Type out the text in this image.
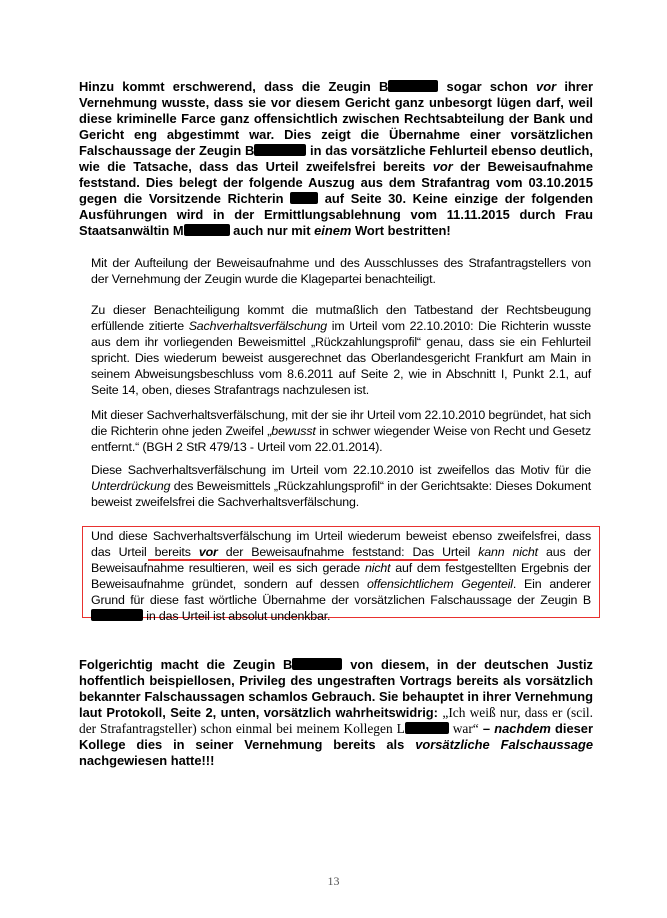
Hinzu kommt erschwerend, dass die Zeugin B	sogar schon vor ihrer Vernehmung wusste, dass sie vor diesem Gericht ganz unbesorgt lügen darf, weil diese kriminelle Farce ganz offensichtlich zwischen Rechtsabteilung der Bank und Gericht eng abgestimmt war. Dies zeigt die Übernahme einer vorsätzlichen Falschaussage der Zeugin B	in das vorsätzliche Fehlurteil ebenso deutlich, wie die Tatsache, dass das Urteil zweifelsfrei bereits vor der Beweisaufnahme feststand. Dies belegt der folgende Auszug aus dem Strafantrag vom 03.10.2015 gegen die Vorsitzende Richterin  auf Seite 30. Keine einzige der folgenden Ausführungen wird in der Ermittlungsablehnung vom 11.11.2015 durch Frau Staatsanwältin M	auch nur mit einem Wort bestritten!
Mit der Aufteilung der Beweisaufnahme und des Ausschlusses des Strafantragstellers von der Vernehmung der Zeugin wurde die Klagepartei benachteiligt.
Zu dieser Benachteiligung kommt die mutmaßlich den Tatbestand der Rechtsbeugung erfüllende zitierte Sachverhaltsverfälschung im Urteil vom 22.10.2010: Die Richterin wusste aus dem ihr vorliegenden Beweismittel „Rückzahlungsprofil“ genau, dass sie ein Fehlurteil spricht. Dies wiederum beweist ausgerechnet das Oberlandesgericht Frankfurt am Main in seinem Abweisungsbeschluss vom 8.6.2011 auf Seite 2, wie in Abschnitt I, Punkt 2.1, auf Seite 14, oben, dieses Strafantrags nachzulesen ist.
Mit dieser Sachverhaltsverfälschung, mit der sie ihr Urteil vom 22.10.2010 begründet, hat sich die Richterin ohne jeden Zweifel „bewusst in schwer wiegender Weise von Recht und Gesetz entfernt.“ (BGH 2 StR 479/13 - Urteil vom 22.01.2014).
Diese Sachverhaltsverfälschung im Urteil vom 22.10.2010 ist zweifellos das Motiv für die Unterdrückung des Beweismittels „Rückzahlungsprofil“ in der Gerichtsakte: Dieses Dokument beweist zweifelsfrei die Sachverhaltsverfälschung.
Und diese Sachverhaltsverfälschung im Urteil wiederum beweist ebenso zweifelsfrei, dass das Urteil bereits vor der Beweisaufnahme feststand: Das Urteil kann nicht aus der Beweisaufnahme resultieren, weil es sich gerade nicht auf dem festgestellten Ergebnis der Beweisaufnahme gründet, sondern auf dessen offensichtlichem Gegenteil. Ein anderer Grund für diese fast wörtliche Übernahme der vorsätzlichen Falschaussage der Zeugin B in das Urteil ist absolut undenkbar.
Folgerichtig macht die Zeugin B	von diesem, in der deutschen Justiz hoffentlich beispiellosen, Privileg des ungestraften Vortrags bereits als vorsätzlich bekannter Falschaussagen schamlos Gebrauch. Sie behauptet in ihrer Vernehmung laut Protokoll, Seite 2, unten, vorsätzlich wahrheitswidrig: „Ich weiß nur, dass er (scil. der Strafantragsteller) schon einmal bei meinem Kollegen L	war“ – nachdem dieser Kollege dies in seiner Vernehmung bereits als vorsätzliche Falschaussage nachgewiesen hatte!!!
13
